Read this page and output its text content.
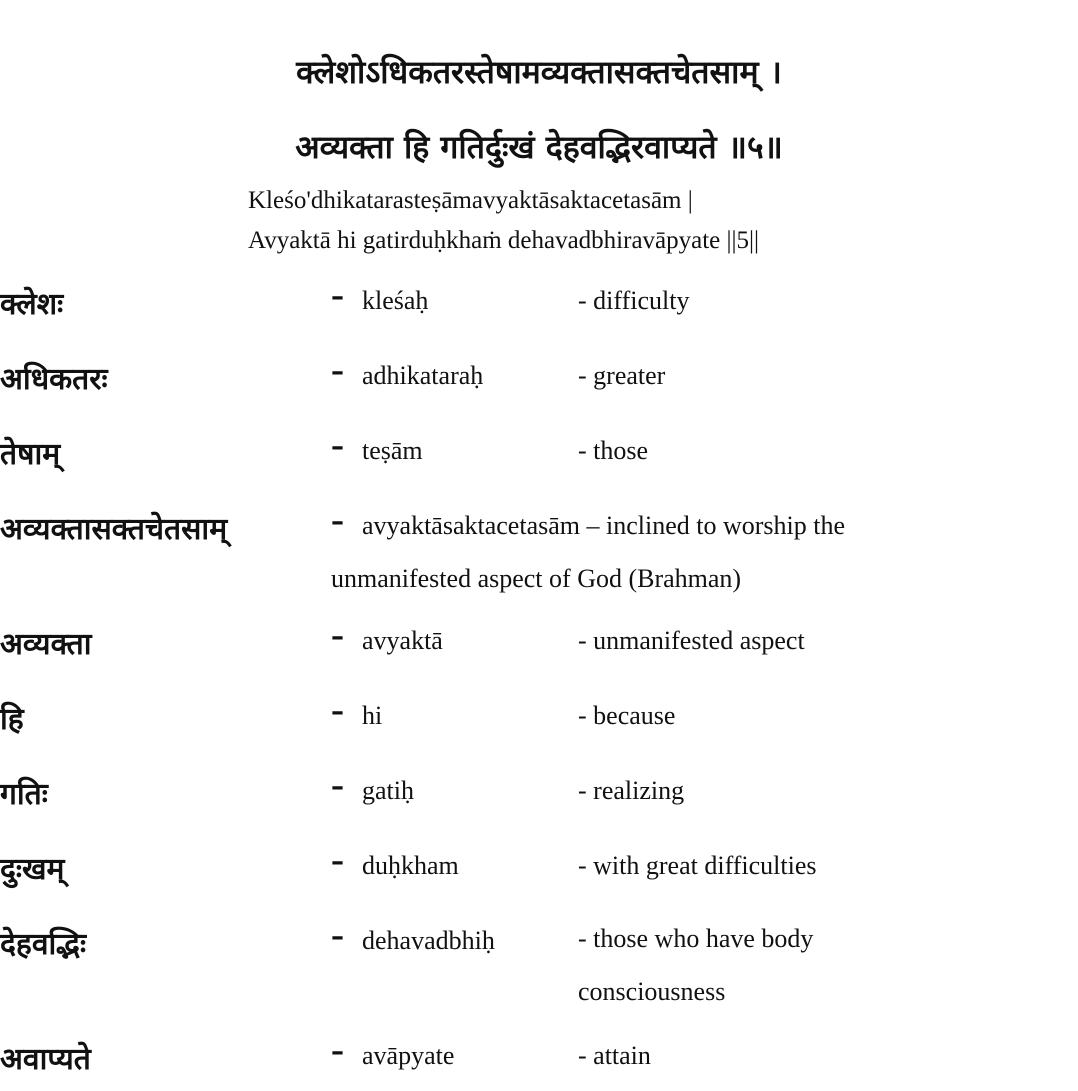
क्लेशोऽधिकतरस्तेषामव्यक्तासक्तचेतसाम् ।
अव्यक्ता हि गतिर्दुःखं देहवद्भिरवाप्यते ॥५॥
Kleśo'dhikatarasteṣāmavyaktāsaktacetasām |
Avyaktā hi gatirduḥkhaṁ dehavadbhiravāpyate ||5||
क्लेशः	– kleśaḥ	- difficulty
अधिकतरः	– adhikataraḥ	- greater
तेषाम्	– teṣām	- those
अव्यक्तासक्तचेतसाम्	– avyaktāsaktacetasām – inclined to worship the
unmanifested aspect of God (Brahman)
अव्यक्ता	– avyaktā	- unmanifested aspect
हि	– hi	- because
गतिः	– gatiḥ	- realizing
दुःखम्	– duḥkham	- with great difficulties
देहवद्भिः	– dehavadbhiḥ	- those who have body consciousness
अवाप्यते	– avāpyate	- attain
